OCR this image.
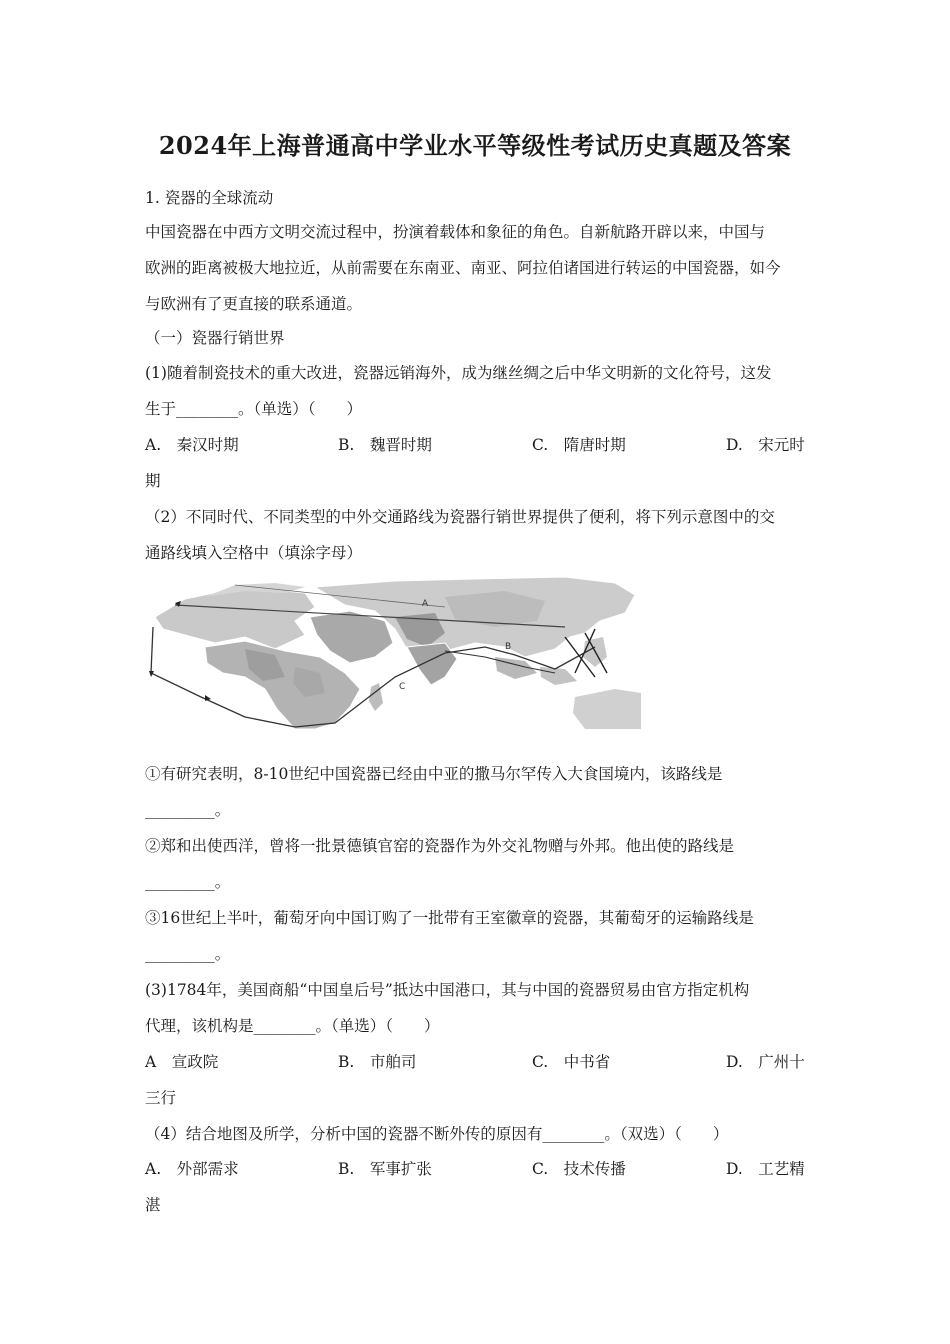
2024年上海普通高中学业水平等级性考试历史真题及答案
1. 瓷器的全球流动
中国瓷器在中西方文明交流过程中，扮演着载体和象征的角色。自新航路开辟以来，中国与
欧洲的距离被极大地拉近，从前需要在东南亚、南亚、阿拉伯诸国进行转运的中国瓷器，如今
与欧洲有了更直接的联系通道。
（一）瓷器行销世界
(1)随着制瓷技术的重大改进，瓷器远销海外，成为继丝绸之后中华文明新的文化符号，这发
生于________。（单选）（　　）
A.　秦汉时期	B.　魏晋时期	C.　隋唐时期	D.　宋元时
期
（2）不同时代、不同类型的中外交通路线为瓷器行销世界提供了便利，将下列示意图中的交
通路线填入空格中（填涂字母）
A
B
C
①有研究表明，8-10世纪中国瓷器已经由中亚的撒马尔罕传入大食国境内，该路线是
_________。
②郑和出使西洋，曾将一批景德镇官窑的瓷器作为外交礼物赠与外邦。他出使的路线是
_________。
③16世纪上半叶，葡萄牙向中国订购了一批带有王室徽章的瓷器，其葡萄牙的运输路线是
_________。
(3)1784年，美国商船“中国皇后号”抵达中国港口，其与中国的瓷器贸易由官方指定机构
代理，该机构是________。（单选）（　　）
A　宣政院	B.　市舶司	C.　中书省	D.　广州十
三行
（4）结合地图及所学，分析中国的瓷器不断外传的原因有________。（双选）（　　）
A.　外部需求	B.　军事扩张	C.　技术传播	D.　工艺精
湛
